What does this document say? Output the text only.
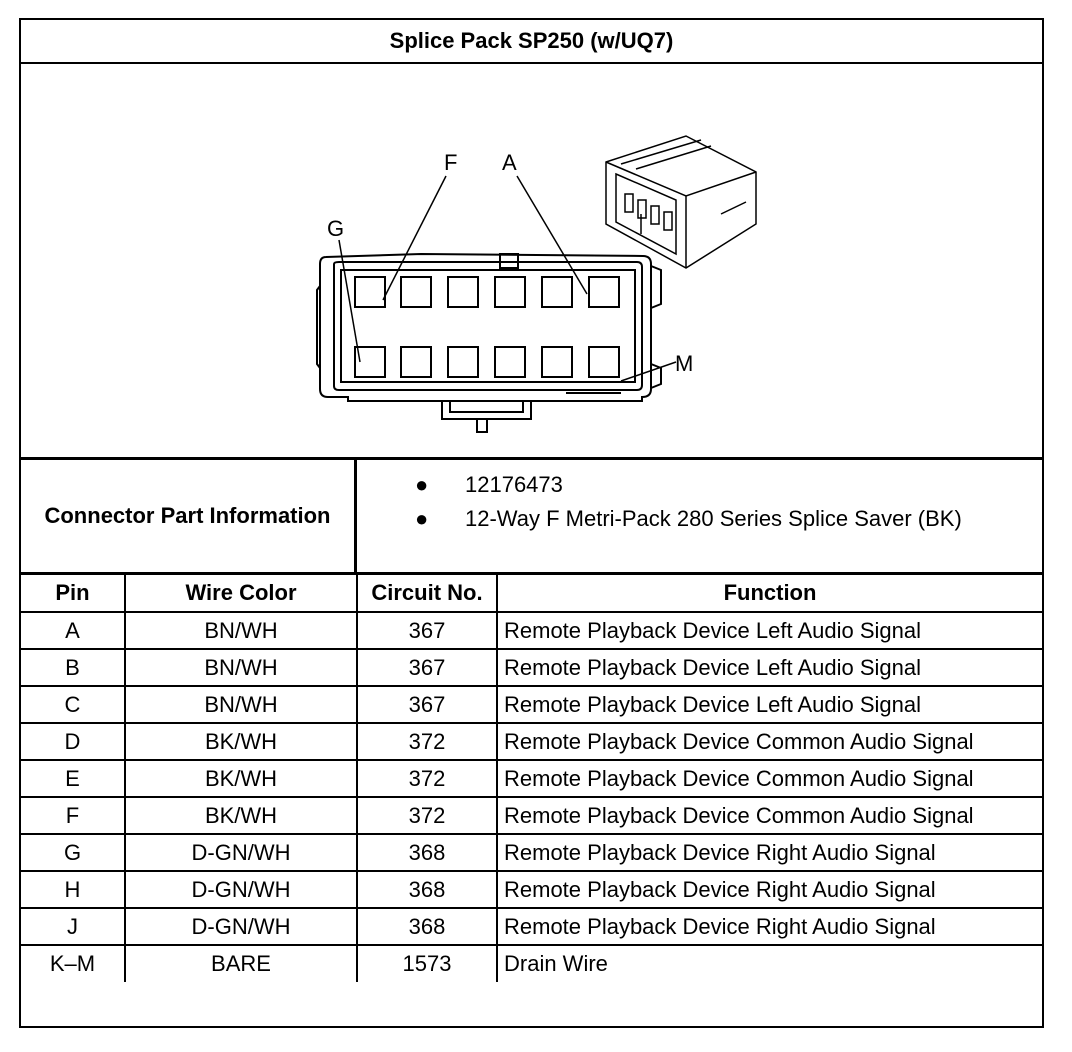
Splice Pack SP250 (w/UQ7)
F A
G
M
Connector Part Information
● 12176473
● 12-Way F Metri-Pack 280 Series Splice Saver (BK)
Pin	Wire Color	Circuit No.	Function
A	BN/WH	367	Remote Playback Device Left Audio Signal
B	BN/WH	367	Remote Playback Device Left Audio Signal
C	BN/WH	367	Remote Playback Device Left Audio Signal
D	BK/WH	372	Remote Playback Device Common Audio Signal
E	BK/WH	372	Remote Playback Device Common Audio Signal
F	BK/WH	372	Remote Playback Device Common Audio Signal
G	D-GN/WH	368	Remote Playback Device Right Audio Signal
H	D-GN/WH	368	Remote Playback Device Right Audio Signal
J	D-GN/WH	368	Remote Playback Device Right Audio Signal
K–M	BARE	1573	Drain Wire
